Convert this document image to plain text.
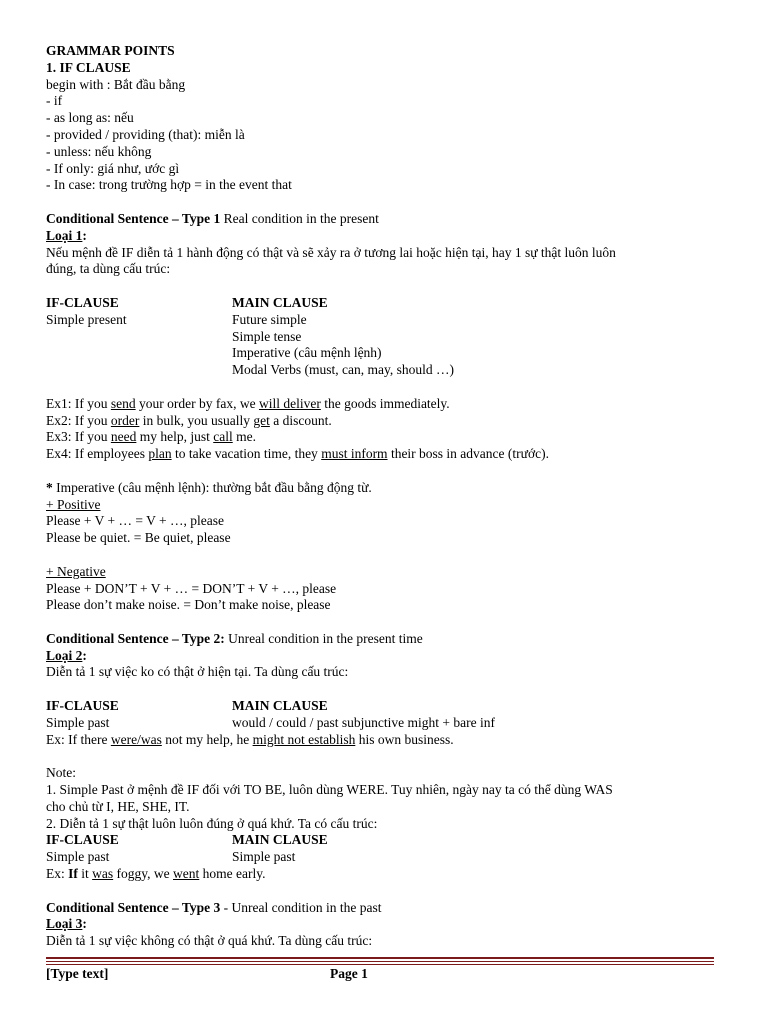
GRAMMAR POINTS
1. IF CLAUSE
begin with : Bắt đầu bằng
- if
- as long as: nếu
- provided / providing (that): miễn là
- unless: nếu không
- If only: giá như, ước gì
- In case: trong trường hợp = in the event that
Conditional Sentence – Type 1 Real condition in the present
Loại 1:
Nếu mệnh đề IF diễn tả 1 hành động có thật và sẽ xảy ra ở tương lai hoặc hiện tại, hay 1 sự thật luôn luôn
đúng, ta dùng cấu trúc:
IF-CLAUSE	MAIN CLAUSE
Simple present	Future simple
Simple tense
Imperative (câu mệnh lệnh)
Modal Verbs (must, can, may, should …)
Ex1: If you send your order by fax, we will deliver the goods immediately.
Ex2: If you order in bulk, you usually get a discount.
Ex3: If you need my help, just call me.
Ex4: If employees plan to take vacation time, they must inform their boss in advance (trước).
* Imperative (câu mệnh lệnh): thường bắt đầu bằng động từ.
+ Positive
Please + V + … = V + …, please
Please be quiet. = Be quiet, please
+ Negative
Please + DON’T + V + … = DON’T + V + …, please
Please don’t make noise. = Don’t make noise, please
Conditional Sentence – Type 2: Unreal condition in the present time
Loại 2:
Diễn tả 1 sự việc ko có thật ở hiện tại. Ta dùng cấu trúc:
IF-CLAUSE	MAIN CLAUSE
Simple past	would / could / past subjunctive might + bare inf
Ex: If there were/was not my help, he might not establish his own business.
Note:
1. Simple Past ở mệnh đề IF đối với TO BE, luôn dùng WERE. Tuy nhiên, ngày nay ta có thể dùng WAS
cho chủ từ I, HE, SHE, IT.
2. Diễn tả 1 sự thật luôn luôn đúng ở quá khứ. Ta có cấu trúc:
IF-CLAUSE	MAIN CLAUSE
Simple past	Simple past
Ex: If it was foggy, we went home early.
Conditional Sentence – Type 3 - Unreal condition in the past
Loại 3:
Diễn tả 1 sự việc không có thật ở quá khứ. Ta dùng cấu trúc:
[Type text]	Page 1
